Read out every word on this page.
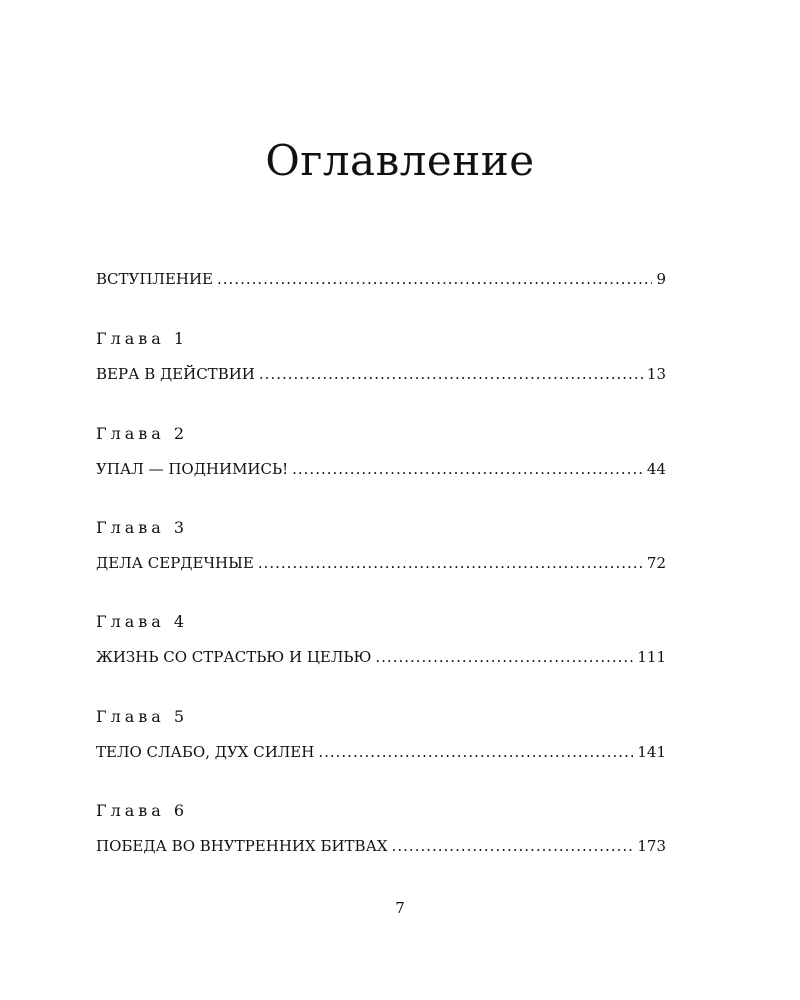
Оглавление
ВСТУПЛЕНИЕ .....	9
Глава 1
ВЕРА В ДЕЙСТВИИ .....	13
Глава 2
УПАЛ — ПОДНИМИСЬ! .....	44
Глава 3
ДЕЛА СЕРДЕЧНЫЕ .....	72
Глава 4
ЖИЗНЬ СО СТРАСТЬЮ И ЦЕЛЬЮ .....	111
Глава 5
ТЕЛО СЛАБО, ДУХ СИЛЕН .....	141
Глава 6
ПОБЕДА ВО ВНУТРЕННИХ БИТВАХ .....	173
7
